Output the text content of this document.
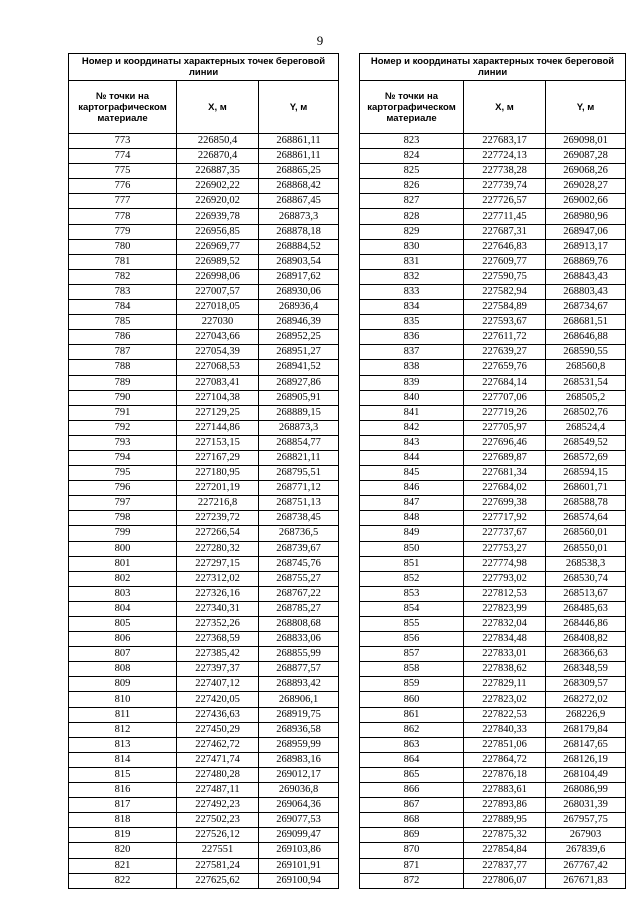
9
Номер и координаты характерных точек береговой линии		
№ точки на картографическом материале	X, м	Y, м
773	226850,4	268861,11
774	226870,4	268861,11
775	226887,35	268865,25
776	226902,22	268868,42
777	226920,02	268867,45
778	226939,78	268873,3
779	226956,85	268878,18
780	226969,77	268884,52
781	226989,52	268903,54
782	226998,06	268917,62
783	227007,57	268930,06
784	227018,05	268936,4
785	227030	268946,39
786	227043,66	268952,25
787	227054,39	268951,27
788	227068,53	268941,52
789	227083,41	268927,86
790	227104,38	268905,91
791	227129,25	268889,15
792	227144,86	268873,3
793	227153,15	268854,77
794	227167,29	268821,11
795	227180,95	268795,51
796	227201,19	268771,12
797	227216,8	268751,13
798	227239,72	268738,45
799	227266,54	268736,5
800	227280,32	268739,67
801	227297,15	268745,76
802	227312,02	268755,27
803	227326,16	268767,22
804	227340,31	268785,27
805	227352,26	268808,68
806	227368,59	268833,06
807	227385,42	268855,99
808	227397,37	268877,57
809	227407,12	268893,42
810	227420,05	268906,1
811	227436,63	268919,75
812	227450,29	268936,58
813	227462,72	268959,99
814	227471,74	268983,16
815	227480,28	269012,17
816	227487,11	269036,8
817	227492,23	269064,36
818	227502,23	269077,53
819	227526,12	269099,47
820	227551	269103,86
821	227581,24	269101,91
822	227625,62	269100,94
Номер и координаты характерных точек береговой линии		
№ точки на картографическом материале	X, м	Y, м
823	227683,17	269098,01
824	227724,13	269087,28
825	227738,28	269068,26
826	227739,74	269028,27
827	227726,57	269002,66
828	227711,45	268980,96
829	227687,31	268947,06
830	227646,83	268913,17
831	227609,77	268869,76
832	227590,75	268843,43
833	227582,94	268803,43
834	227584,89	268734,67
835	227593,67	268681,51
836	227611,72	268646,88
837	227639,27	268590,55
838	227659,76	268560,8
839	227684,14	268531,54
840	227707,06	268505,2
841	227719,26	268502,76
842	227705,97	268524,4
843	227696,46	268549,52
844	227689,87	268572,69
845	227681,34	268594,15
846	227684,02	268601,71
847	227699,38	268588,78
848	227717,92	268574,64
849	227737,67	268560,01
850	227753,27	268550,01
851	227774,98	268538,3
852	227793,02	268530,74
853	227812,53	268513,67
854	227823,99	268485,63
855	227832,04	268446,86
856	227834,48	268408,82
857	227833,01	268366,63
858	227838,62	268348,59
859	227829,11	268309,57
860	227823,02	268272,02
861	227822,53	268226,9
862	227840,33	268179,84
863	227851,06	268147,65
864	227864,72	268126,19
865	227876,18	268104,49
866	227883,61	268086,99
867	227893,86	268031,39
868	227889,95	267957,75
869	227875,32	267903
870	227854,84	267839,6
871	227837,77	267767,42
872	227806,07	267671,83
